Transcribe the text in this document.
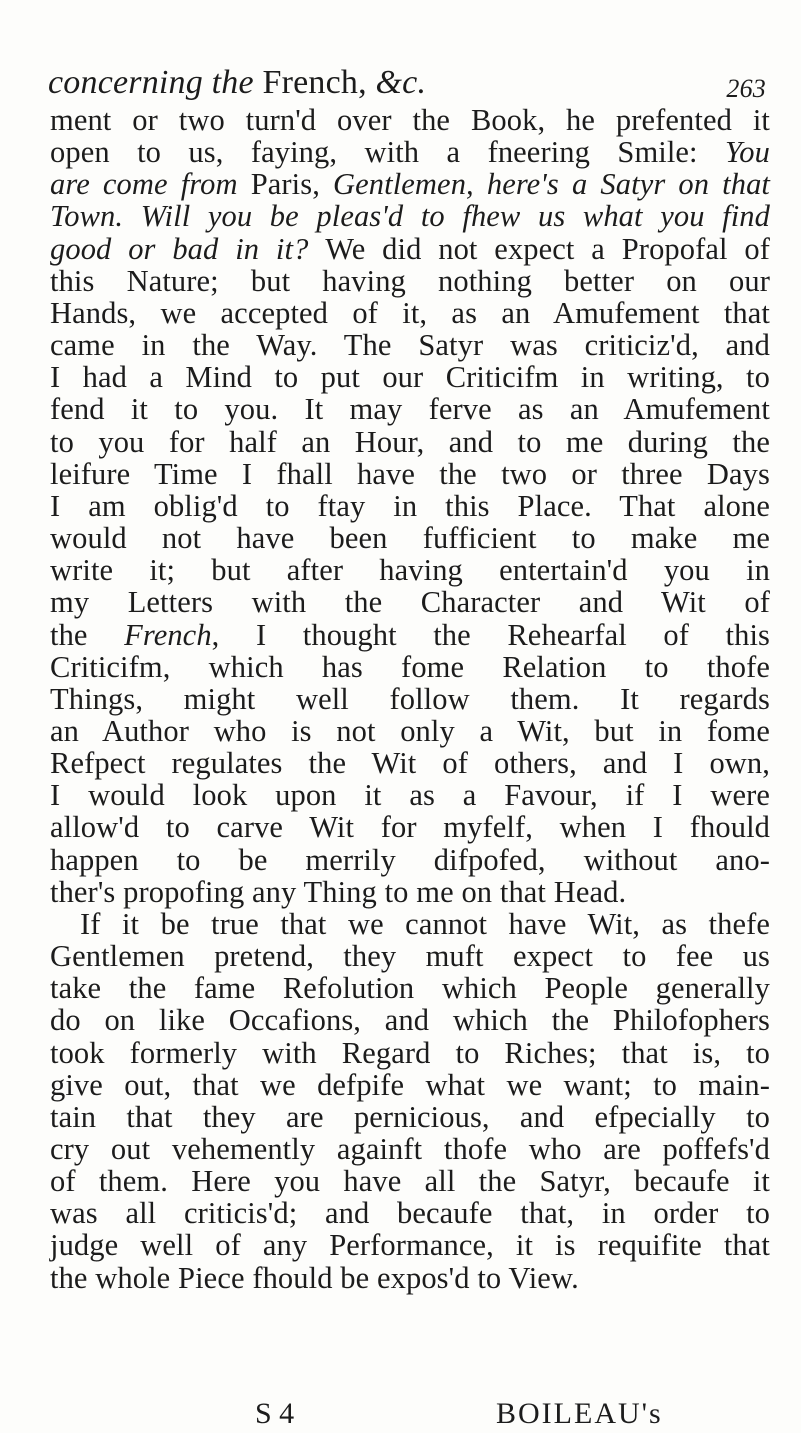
concerning the French, &c.	263
ment or two turn'd over the Book, he prefented it
open to us, faying, with a fneering Smile: You
are come from Paris, Gentlemen, here's a Satyr on that
Town. Will you be pleas'd to fhew us what you find
good or bad in it? We did not expect a Propofal of
this Nature; but having nothing better on our
Hands, we accepted of it, as an Amufement that
came in the Way. The Satyr was criticiz'd, and
I had a Mind to put our Criticifm in writing, to
fend it to you. It may ferve as an Amufement
to you for half an Hour, and to me during the
leifure Time I fhall have the two or three Days
I am oblig'd to ftay in this Place. That alone
would not have been fufficient to make me
write it; but after having entertain'd you in
my Letters with the Character and Wit of
the French, I thought the Rehearfal of this
Criticifm, which has fome Relation to thofe
Things, might well follow them. It regards
an Author who is not only a Wit, but in fome
Refpect regulates the Wit of others, and I own,
I would look upon it as a Favour, if I were
allow'd to carve Wit for myfelf, when I fhould
happen to be merrily difpofed, without ano-
ther's propofing any Thing to me on that Head.
If it be true that we cannot have Wit, as thefe
Gentlemen pretend, they muft expect to fee us
take the fame Refolution which People generally
do on like Occafions, and which the Philofophers
took formerly with Regard to Riches; that is, to
give out, that we defpife what we want; to main-
tain that they are pernicious, and efpecially to
cry out vehemently againft thofe who are poffefs'd
of them. Here you have all the Satyr, becaufe it
was all criticis'd; and becaufe that, in order to
judge well of any Performance, it is requifite that
the whole Piece fhould be expos'd to View.
S 4	BOILEAU's
